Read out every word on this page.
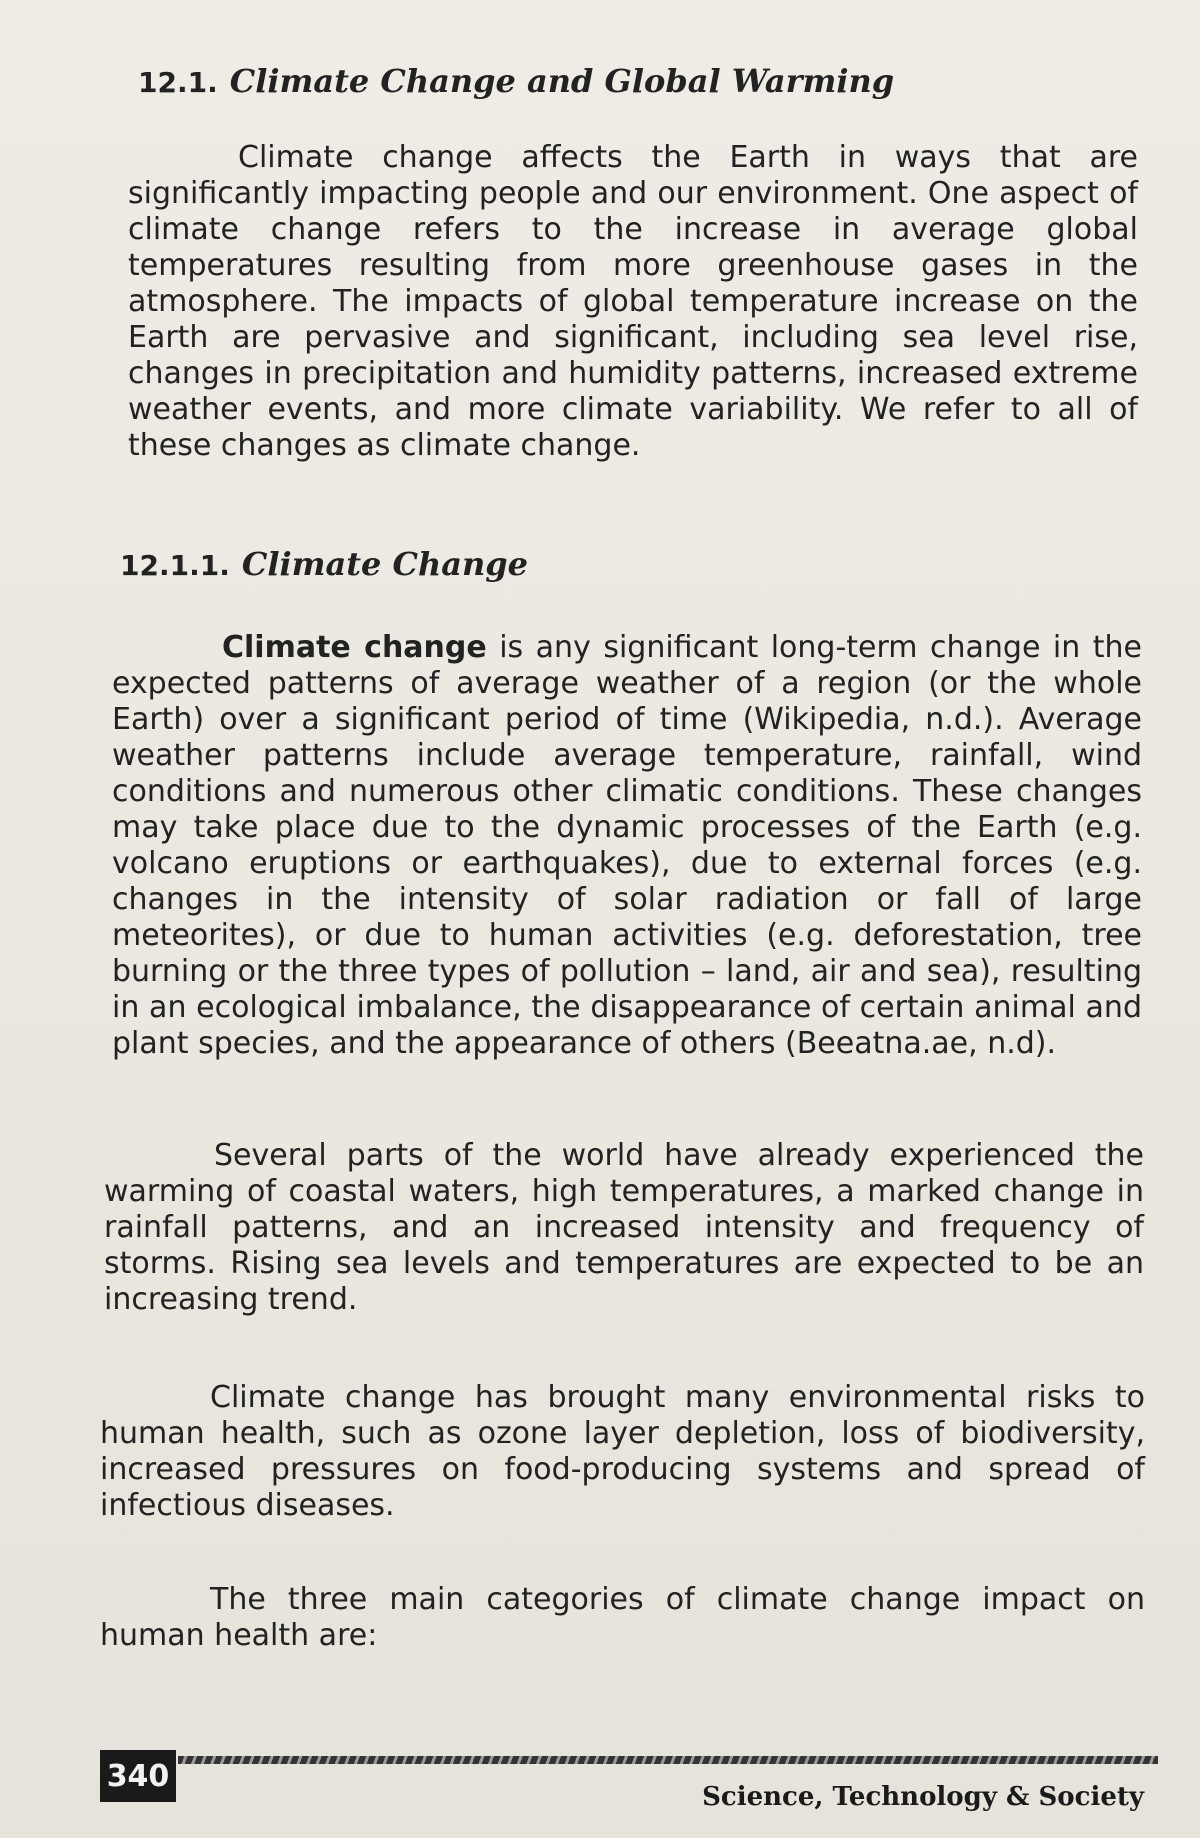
12.1. Climate Change and Global Warming

Climate change affects the Earth in ways that are significantly impacting people and our environment. One aspect of climate change refers to the increase in average global temperatures resulting from more greenhouse gases in the atmosphere. The impacts of global temperature increase on the Earth are pervasive and significant, including sea level rise, changes in precipitation and humidity patterns, increased extreme weather events, and more climate variability. We refer to all of these changes as climate change.

12.1.1. Climate Change

Climate change is any significant long-term change in the expected patterns of average weather of a region (or the whole Earth) over a significant period of time (Wikipedia, n.d.). Average weather patterns include average temperature, rainfall, wind conditions and numerous other climatic conditions. These changes may take place due to the dynamic processes of the Earth (e.g. volcano eruptions or earthquakes), due to external forces (e.g. changes in the intensity of solar radiation or fall of large meteorites), or due to human activities (e.g. deforestation, tree burning or the three types of pollution – land, air and sea), resulting in an ecological imbalance, the disappearance of certain animal and plant species, and the appearance of others (Beeatna.ae, n.d).

Several parts of the world have already experienced the warming of coastal waters, high temperatures, a marked change in rainfall patterns, and an increased intensity and frequency of storms. Rising sea levels and temperatures are expected to be an increasing trend.

Climate change has brought many environmental risks to human health, such as ozone layer depletion, loss of biodiversity, increased pressures on food-producing systems and spread of infectious diseases.

The three main categories of climate change impact on human health are:

340
Science, Technology & Society
